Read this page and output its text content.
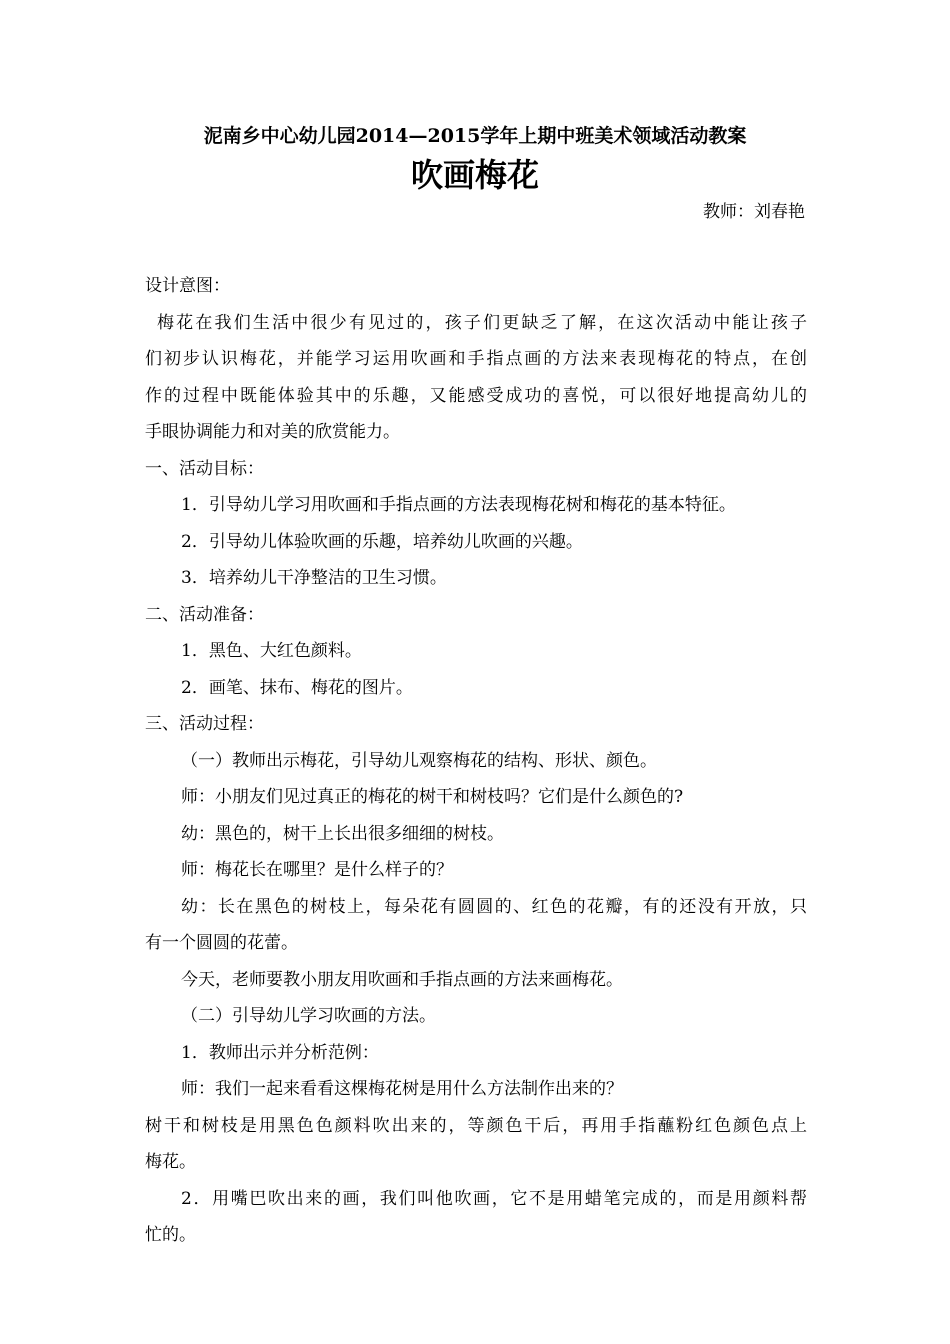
泥南乡中心幼儿园2014—2015学年上期中班美术领域活动教案
吹画梅花
教师：刘春艳

设计意图：

梅花在我们生活中很少有见过的，孩子们更缺乏了解，在这次活动中能让孩子

们初步认识梅花，并能学习运用吹画和手指点画的方法来表现梅花的特点，在创

作的过程中既能体验其中的乐趣，又能感受成功的喜悦，可以很好地提高幼儿的

手眼协调能力和对美的欣赏能力。

一、活动目标：

1．引导幼儿学习用吹画和手指点画的方法表现梅花树和梅花的基本特征。

2．引导幼儿体验吹画的乐趣，培养幼儿吹画的兴趣。

3．培养幼儿干净整洁的卫生习惯。

二、活动准备：

1．黑色、大红色颜料。

2．画笔、抹布、梅花的图片。

三、活动过程：

（一）教师出示梅花，引导幼儿观察梅花的结构、形状、颜色。

师：小朋友们见过真正的梅花的树干和树枝吗？它们是什么颜色的?

幼：黑色的，树干上长出很多细细的树枝。

师：梅花长在哪里？是什么样子的？

幼：长在黑色的树枝上，每朵花有圆圆的、红色的花瓣，有的还没有开放，只

有一个圆圆的花蕾。

今天，老师要教小朋友用吹画和手指点画的方法来画梅花。

（二）引导幼儿学习吹画的方法。

1．教师出示并分析范例：

师：我们一起来看看这棵梅花树是用什么方法制作出来的？

树干和树枝是用黑色色颜料吹出来的，等颜色干后，再用手指蘸粉红色颜色点上

梅花。

2．用嘴巴吹出来的画，我们叫他吹画，它不是用蜡笔完成的，而是用颜料帮

忙的。
